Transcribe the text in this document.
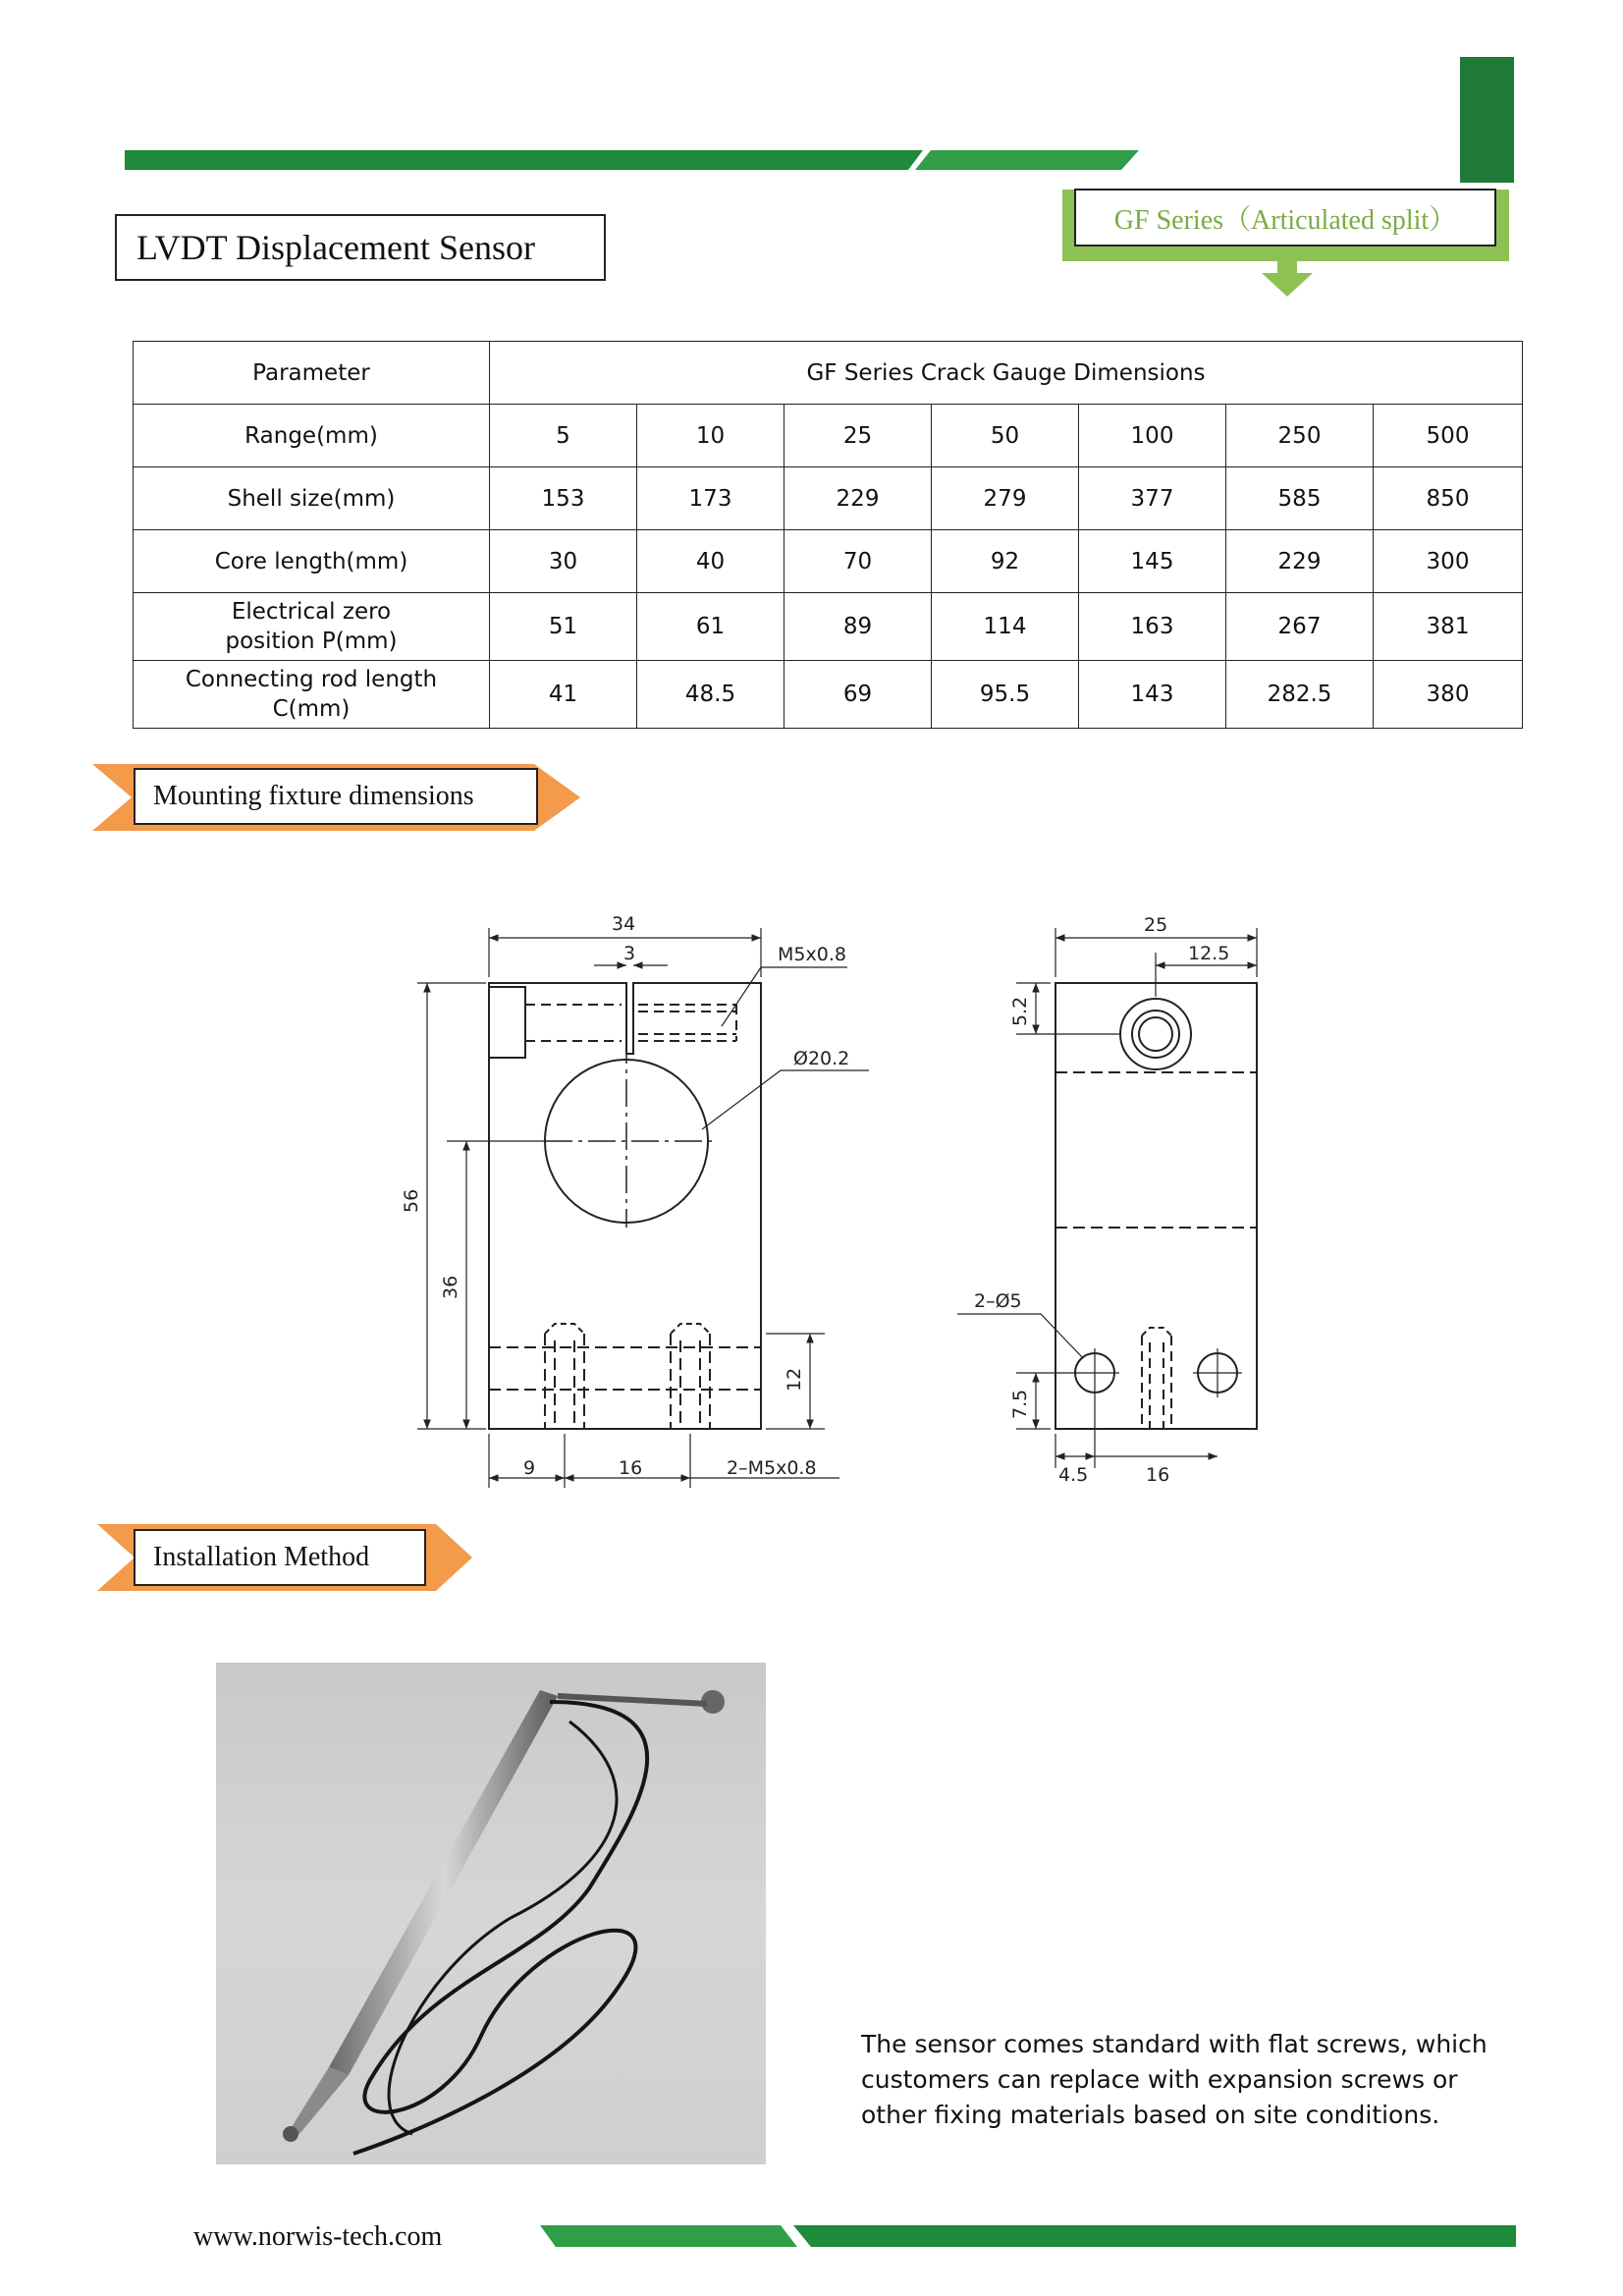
LVDT Displacement Sensor
GF Series（Articulated split）
Parameter	GF Series Crack Gauge Dimensions						
Range(mm)	5	10	25	50	100	250	500
Shell size(mm)	153	173	229	279	377	585	850
Core length(mm)	30	40	70	92	145	229	300

Electrical zero position P(mm)	51	61	89	114	163	267	381

Connecting rod length C(mm)	41	48.5	69	95.5	143	282.5	380
Mounting fixture dimensions
34
3	M5x0.8
Ø20.2
56
36
12
9	16	2–M5x0.8
25
12.5
5.2
2–Ø5
7.5
4.5	16
Installation Method
The sensor comes standard with flat screws, which customers can replace with expansion screws or other fixing materials based on site conditions.
www.norwis-tech.com
